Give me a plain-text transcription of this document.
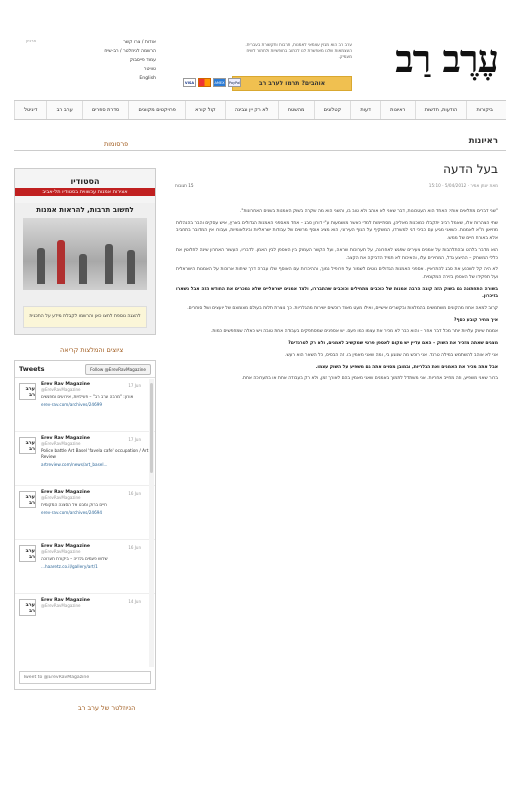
עֶרֶב רַב
ערב רב הוא מגזין עצמאי לאמנות, תרבות ותקשורת בעברית. העצמאות שלנו מאפשרת לנו לכתוב בחופשיות ולחתור לשיח מעמיק.
אוהבים? תרמו לערב רב
VISA	AMEX	PayPal
אודות / צרו קשר
הרשמה לניוזלטר / רב-שיח
עמוד פייסבוק
טוויטר
English
ארכיון
ביקורות
הודעות, חדשות
ראיונות
דעות
קטלוגים
מהשטח
לא רק יין וגבינה
קול קורא
פרויקטים מקוונים
סדרת ספרים
ערב רב
דיגיטל
ראיונות
פרסומות
בעל הדעה
מאת יונתן אמיר · 5/04/2012 · 15:10
15 תגובות

"שני דברים מתלאים אותי: האחד הוא העטכונות, דבר שאני לא אוהב ולא טוב בו, והשני הוא מה שקרה בשוק האמנות בשנים האחרונות".

שתי הצהרות אלו, שאמל רביב יתקבלו כמוכנות מאליהן, מסתיימות למדי כאשר מושמעות ע"י דורון סבג – אחד מאספני האמנות הגדולים בארץ, איש עסקים והבר בהנהלות מוזיאון ת"א לאמנות. כשאני מגיע עם כביכי דגי למשרדו, המשקיף על הנוף העירוני, הוא מציג אוסף מרשים של עבודות ישראליות ובינלאומיות, ועבורו אין המדובר בתחביב אלא באורח חיים של ממש.

הוא מדבר בלהט ובהתלהבות על אמנים צעירים שפגש לאחרונה, על תערוכות שראה, ועל הקשר העמוק בין האספן לבין האמן. לדבריו, העשור האחרון שינה לחלוטין את כללי המשחק – ההיצע גדל, המחירים עלו, והאיכות לא תמיד הדביקה את הקצב.

לא היה קל לשכנע את סבג להתראיין. אספני האמנות הגדולים נוטים לשמור על פרופיל נמוך, וההיכרות עם האוסף שלו עברה דרך שיחות ארוכות על האמנות הישראלית ועל תפקידו של האספן בזירה המקומית.

בשורה התחתונה גם בשוק הזה קונה הרבה אמנות של כוכבים מתחילים וכוכבים שהתבררו, ולצד אמנים ישראליים שלא נמכרים את החודש הזה אבל נשארו בזיכרון.

קרוב למאה אחוז מהקונים משתמשים בהמלצות ובקשרים אישיים, ואילו מעט מאוד רוכשים ישירות מהגלריות. כך נוצרת תלות בעולם מצומצם של יועצים ושל סוחרים.

איך מחיר קובע כסף?

אמנות שיווק עלויות יותר מכל דבר אחר – והוא כבר לא מכיר את עצמו כמו פעם. יש אספנים שמסתפקים בעבודה אחת טובה ויש כאלה שמחפשים כמות.

מצגים שאתה מזכיר את השוק – האם עדיין יש מקום לאספן פרטי שמקשיב לאמנים, ולא רק לטרנדים?

אני לא אוהב להשתמש במילה טרנד. אני רוכש מה שנוגע בי, ומה שאני מאמין בו. זה הבסיס, כל השאר הוא רעש.

אבל אתה מכיר את האמנים ואת הגלריות, ובמובן מסוים אתה גם משפיע על השוק עצמו.

ברור שאני משפיע, וזה מחייב אחריות. אני משתדל לתמוך באמנים שאני מאמין בהם לאורך זמן, ולא רק בעבודה אחת או בתערוכה אחת.

הסטודיו
אצירות אמנות עכשווית בסטודיו תל-אביב
לחשוב תרבות, להראות אמנות
להצגה נוספת לחצו כאן והרשמו לקבלת מידע על התכנית
ציוצים והמלצות קריאה
Tweets	Follow @ErevRavMagazine
ערב רב
Erev Rav Magazine
@ErevRavMagazine
17 Jun
אורון: "מרבה ערב רב" – פעילויות, אירועים ומפגשים
erev-rav.com/archives/24699
ערב רב
Erev Rav Magazine
@ErevRavMagazine
17 Jun
Police battle Art Basel 'favela cafe' occupation / Art Review
artreview.com/news/art_basel...
ערב רב
Erev Rav Magazine
@ErevRavMagazine
16 Jun
חיים ברוק ומבט אל הסצנה המקומית
erev-rav.com/archives/24694
ערב רב
Erev Rav Magazine
@ErevRavMagazine
16 Jun
שלוש פעמים גלריה – ביקורת תערוכה
haaretz.co.il/gallery/art/1...
ערב רב
Erev Rav Magazine
@ErevRavMagazine
14 Jun
Tweet to @ErevRavMagazine
הניוזלטר של ערב רב
